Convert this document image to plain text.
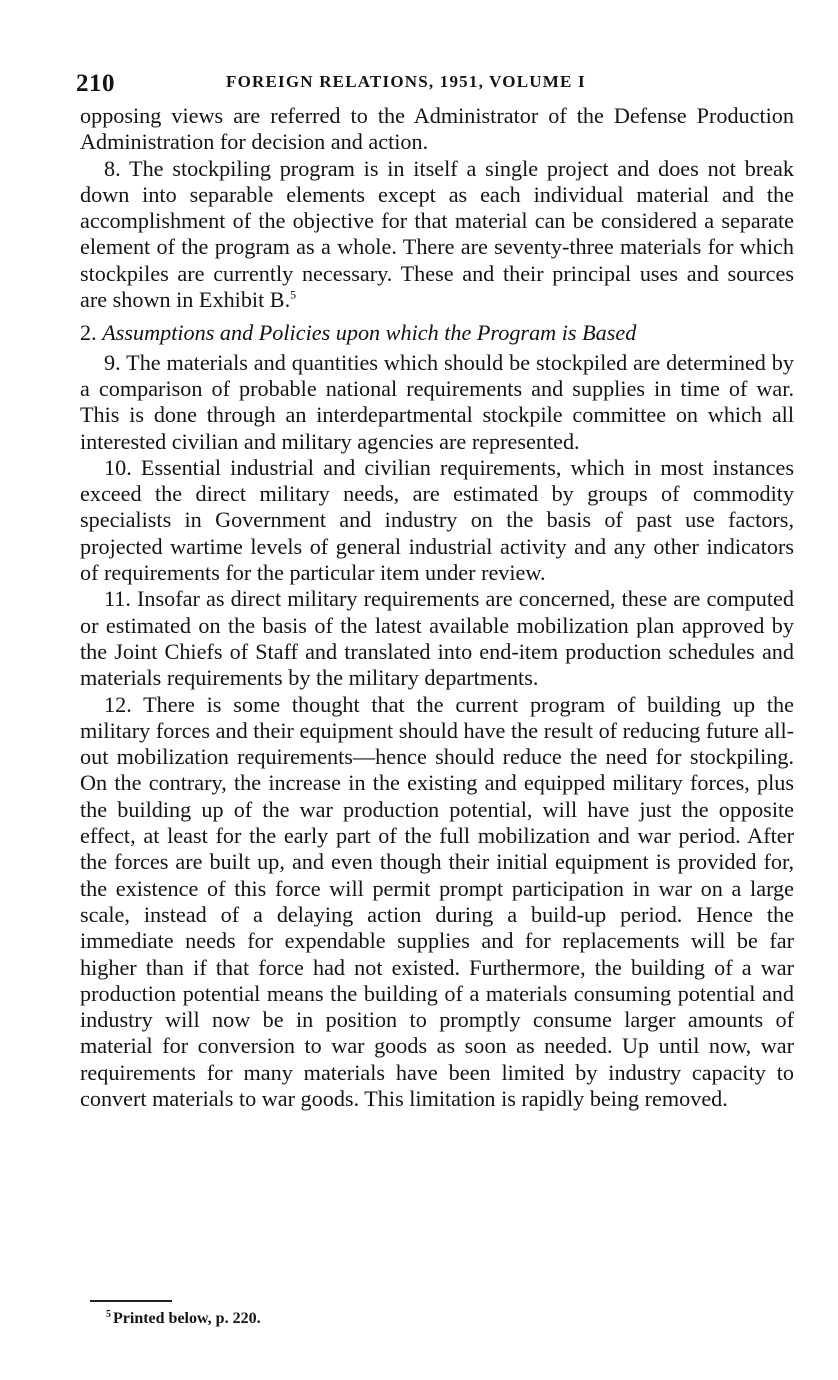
210	FOREIGN RELATIONS, 1951, VOLUME I

opposing views are referred to the Administrator of the Defense Production Administration for decision and action.

8. The stockpiling program is in itself a single project and does not break down into separable elements except as each individual material and the accomplishment of the objective for that material can be considered a separate element of the program as a whole. There are seventy-three materials for which stockpiles are currently necessary. These and their principal uses and sources are shown in Exhibit B.$^5$

2. Assumptions and Policies upon which the Program is Based

9. The materials and quantities which should be stockpiled are determined by a comparison of probable national requirements and supplies in time of war. This is done through an interdepartmental stockpile committee on which all interested civilian and military agencies are represented.

10. Essential industrial and civilian requirements, which in most instances exceed the direct military needs, are estimated by groups of commodity specialists in Government and industry on the basis of past use factors, projected wartime levels of general industrial activity and any other indicators of requirements for the particular item under review.

11. Insofar as direct military requirements are concerned, these are computed or estimated on the basis of the latest available mobilization plan approved by the Joint Chiefs of Staff and translated into end-item production schedules and materials requirements by the military departments.

12. There is some thought that the current program of building up the military forces and their equipment should have the result of reducing future all-out mobilization requirements—hence should reduce the need for stockpiling. On the contrary, the increase in the existing and equipped military forces, plus the building up of the war production potential, will have just the opposite effect, at least for the early part of the full mobilization and war period. After the forces are built up, and even though their initial equipment is provided for, the existence of this force will permit prompt participation in war on a large scale, instead of a delaying action during a build-up period. Hence the immediate needs for expendable supplies and for replacements will be far higher than if that force had not existed. Furthermore, the building of a war production potential means the building of a materials consuming potential and industry will now be in position to promptly consume larger amounts of material for conversion to war goods as soon as needed. Up until now, war requirements for many materials have been limited by industry capacity to convert materials to war goods. This limitation is rapidly being removed.

$^5$ Printed below, p. 220.
